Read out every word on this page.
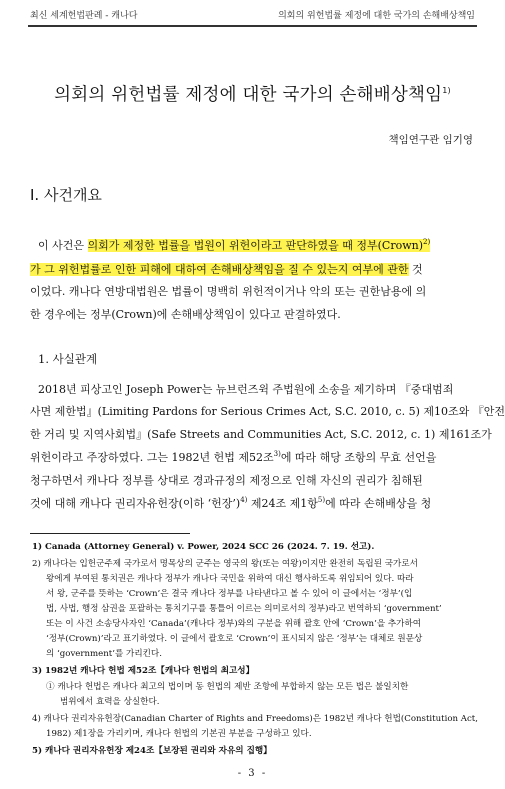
최신 세계헌법판례 - 캐나다	의회의 위헌법률 제정에 대한 국가의 손해배상책임
의회의 위헌법률 제정에 대한 국가의 손해배상책임$^{1)}$
책임연구관 임기영
Ⅰ. 사건개요
이 사건은 의회가 제정한 법률을 법원이 위헌이라고 판단하였을 때 정부(Crown)$^{2)}$
가 그 위헌법률로 인한 피해에 대하여 손해배상책임을 질 수 있는지 여부에 관한 것
이었다. 캐나다 연방대법원은 법률이 명백히 위헌적이거나 악의 또는 권한남용에 의
한 경우에는 정부(Crown)에 손해배상책임이 있다고 판결하였다.
1. 사실관계
2018년 피상고인 Joseph Power는 뉴브런즈윅 주법원에 소송을 제기하며 『중대범죄
사면 제한법』(Limiting Pardons for Serious Crimes Act, S.C. 2010, c. 5) 제10조와 『안전
한 거리 및 지역사회법』(Safe Streets and Communities Act, S.C. 2012, c. 1) 제161조가
위헌이라고 주장하였다. 그는 1982년 헌법 제52조$^{3)}$에 따라 해당 조항의 무효 선언을
청구하면서 캐나다 정부를 상대로 경과규정의 제정으로 인해 자신의 권리가 침해된
것에 대해 캐나다 권리자유헌장(이하 ‘헌장’)$^{4)}$ 제24조 제1항$^{5)}$에 따라 손해배상을 청
1) Canada (Attorney General) v. Power, 2024 SCC 26 (2024. 7. 19. 선고).
2) 캐나다는 입헌군주제 국가로서 명목상의 군주는 영국의 왕(또는 여왕)이지만 완전히 독립된 국가로서
왕에게 부여된 통치권은 캐나다 정부가 캐나다 국민을 위하여 대신 행사하도록 위임되어 있다. 따라
서 왕, 군주를 뜻하는 ‘Crown’은 결국 캐나다 정부를 나타낸다고 볼 수 있어 이 글에서는 ‘정부’(입
법, 사법, 행정 삼권을 포괄하는 통치기구를 통틀어 이르는 의미로서의 정부)라고 번역하되 ‘government’
또는 이 사건 소송당사자인 ‘Canada’(캐나다 정부)와의 구분을 위해 괄호 안에 ‘Crown’을 추가하여
‘정부(Crown)’라고 표기하였다. 이 글에서 괄호로 ‘Crown’이 표시되지 않은 ‘정부’는 대체로 원문상
의 ‘government’를 가리킨다.
3) 1982년 캐나다 헌법 제52조【캐나다 헌법의 최고성】
① 캐나다 헌법은 캐나다 최고의 법이며 동 헌법의 제반 조항에 부합하지 않는 모든 법은 불일치한
범위에서 효력을 상실한다.
4) 캐나다 권리자유헌장(Canadian Charter of Rights and Freedoms)은 1982년 캐나다 헌법(Constitution Act,
1982) 제1장을 가리키며, 캐나다 헌법의 기본권 부분을 구성하고 있다.
5) 캐나다 권리자유헌장 제24조【보장된 권리와 자유의 집행】
- 3 -
